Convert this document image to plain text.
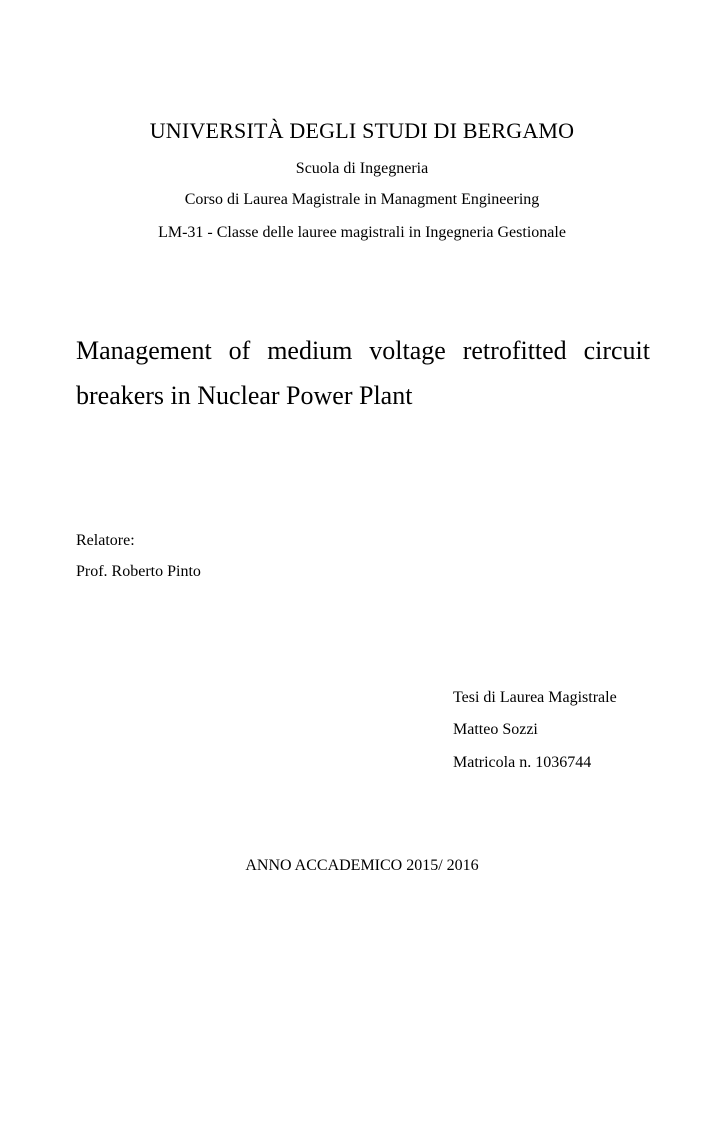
UNIVERSITÀ DEGLI STUDI DI BERGAMO

Scuola di Ingegneria

Corso di Laurea Magistrale in Managment Engineering

LM-31 - Classe delle lauree magistrali in Ingegneria Gestionale

Management of medium voltage retrofitted circuit
breakers in Nuclear Power Plant

Relatore:

Prof. Roberto Pinto

Tesi di Laurea Magistrale

Matteo Sozzi

Matricola n. 1036744

ANNO ACCADEMICO 2015/ 2016
